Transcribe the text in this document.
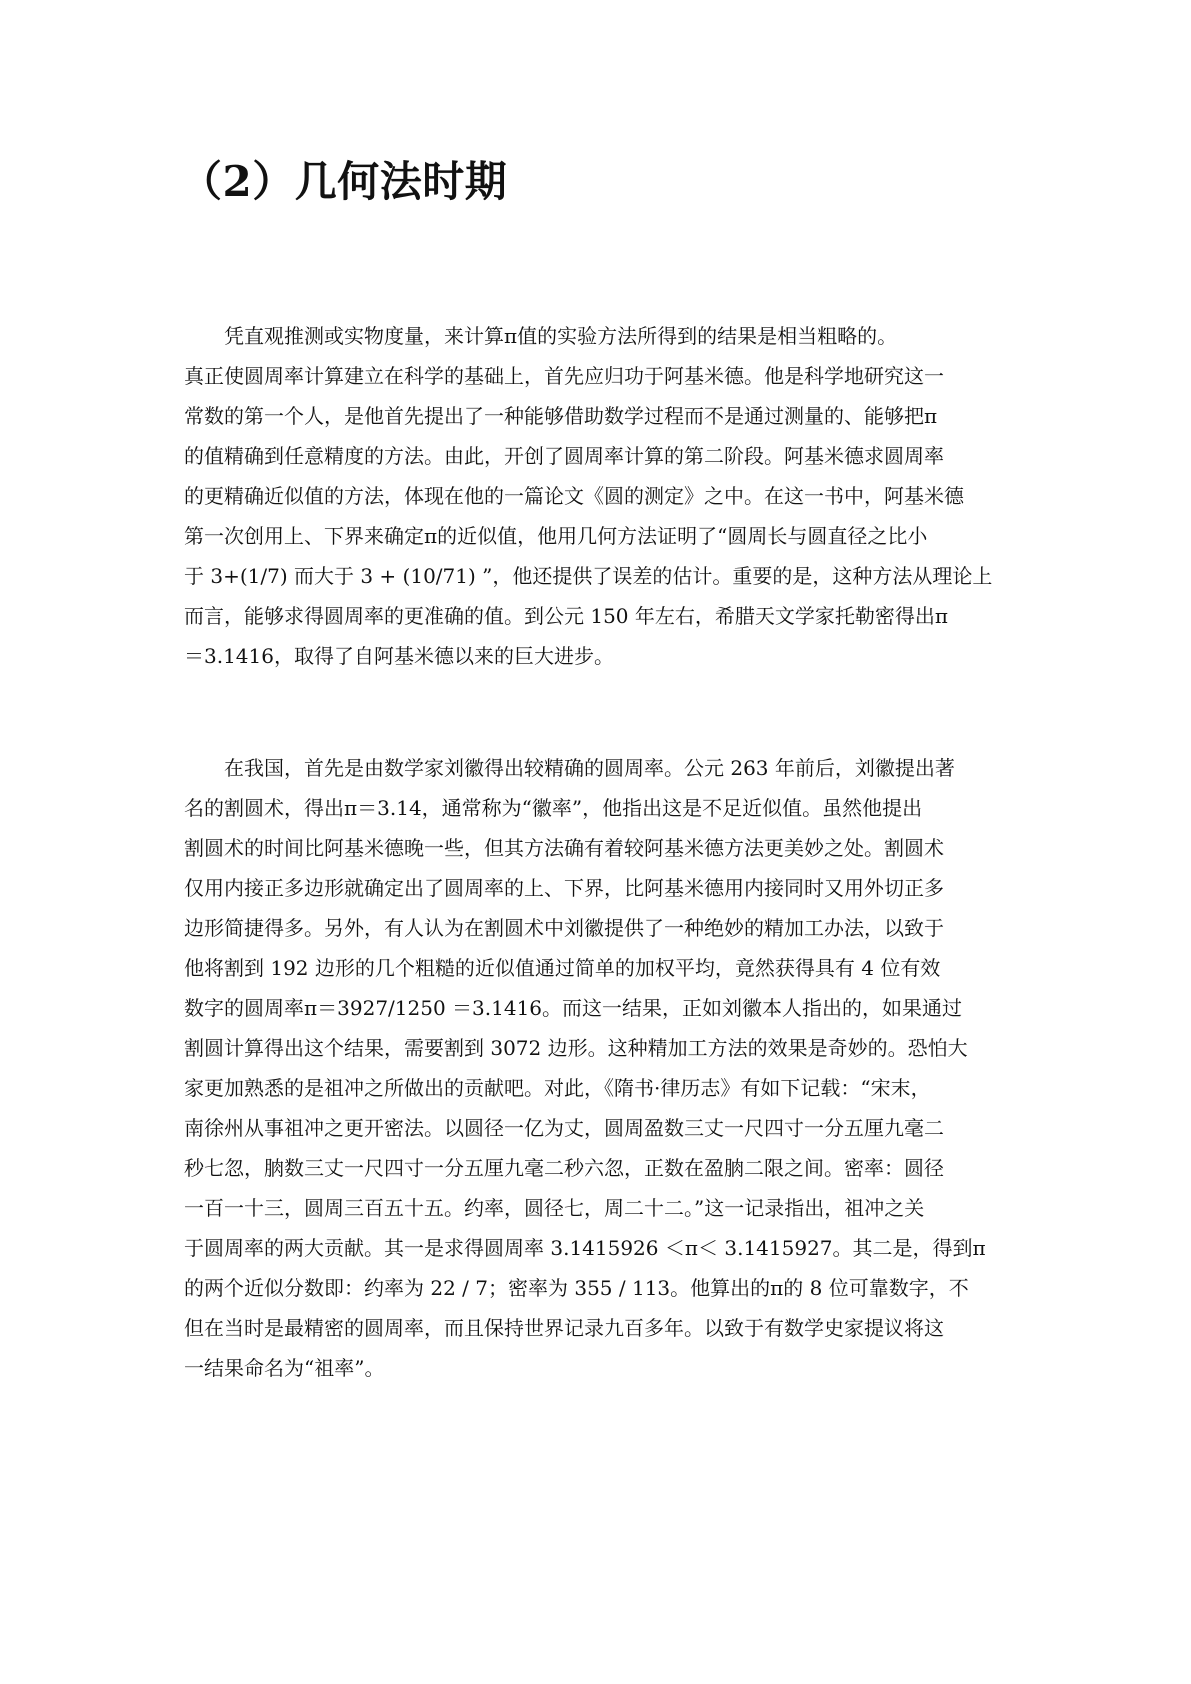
（2）几何法时期
凭直观推测或实物度量，来计算π值的实验方法所得到的结果是相当粗略的。
真正使圆周率计算建立在科学的基础上，首先应归功于阿基米德。他是科学地研究这一
常数的第一个人，是他首先提出了一种能够借助数学过程而不是通过测量的、能够把π
的值精确到任意精度的方法。由此，开创了圆周率计算的第二阶段。阿基米德求圆周率
的更精确近似值的方法，体现在他的一篇论文《圆的测定》之中。在这一书中，阿基米德
第一次创用上、下界来确定π的近似值，他用几何方法证明了“圆周长与圆直径之比小
于 3+(1/7) 而大于 3 + (10/71) ”，他还提供了误差的估计。重要的是，这种方法从理论上
而言，能够求得圆周率的更准确的值。到公元 150 年左右，希腊天文学家托勒密得出π
＝3.1416，取得了自阿基米德以来的巨大进步。
在我国，首先是由数学家刘徽得出较精确的圆周率。公元 263 年前后，刘徽提出著
名的割圆术，得出π＝3.14，通常称为“徽率”，他指出这是不足近似值。虽然他提出
割圆术的时间比阿基米德晚一些，但其方法确有着较阿基米德方法更美妙之处。割圆术
仅用内接正多边形就确定出了圆周率的上、下界，比阿基米德用内接同时又用外切正多
边形简捷得多。另外，有人认为在割圆术中刘徽提供了一种绝妙的精加工办法，以致于
他将割到 192 边形的几个粗糙的近似值通过简单的加权平均，竟然获得具有 4 位有效
数字的圆周率π＝3927/1250 ＝3.1416。而这一结果，正如刘徽本人指出的，如果通过
割圆计算得出这个结果，需要割到 3072 边形。这种精加工方法的效果是奇妙的。恐怕大
家更加熟悉的是祖冲之所做出的贡献吧。对此，《隋书·律历志》有如下记载：“宋末，
南徐州从事祖冲之更开密法。以圆径一亿为丈，圆周盈数三丈一尺四寸一分五厘九毫二
秒七忽，朒数三丈一尺四寸一分五厘九毫二秒六忽，正数在盈朒二限之间。密率：圆径
一百一十三，圆周三百五十五。约率，圆径七，周二十二。”这一记录指出，祖冲之关
于圆周率的两大贡献。其一是求得圆周率 3.1415926 ＜π＜ 3.1415927。其二是，得到π
的两个近似分数即：约率为 22 / 7；密率为 355 / 113。他算出的π的 8 位可靠数字，不
但在当时是最精密的圆周率，而且保持世界记录九百多年。以致于有数学史家提议将这
一结果命名为“祖率”。
